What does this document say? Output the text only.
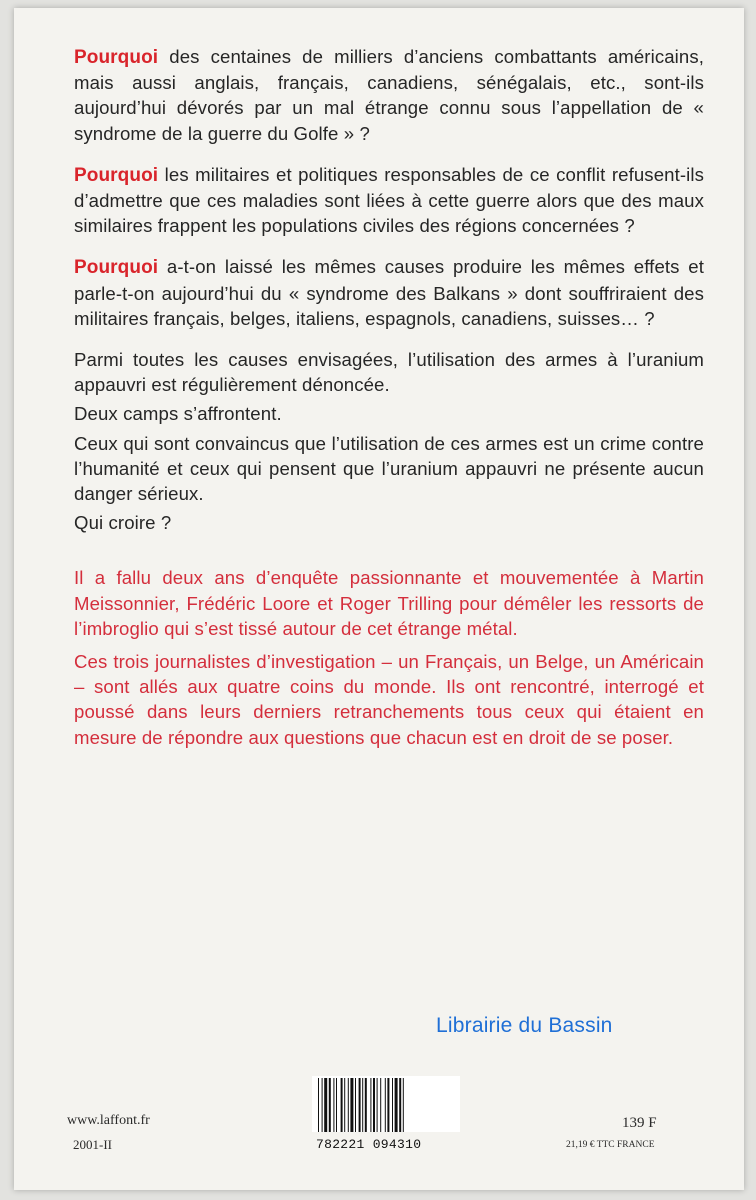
Pourquoi des centaines de milliers d’anciens combattants américains, mais aussi anglais, français, canadiens, sénégalais, etc., sont-ils aujourd’hui dévorés par un mal étrange connu sous l’appellation de « syndrome de la guerre du Golfe » ?

Pourquoi les militaires et politiques responsables de ce conflit refusent-ils d’admettre que ces maladies sont liées à cette guerre alors que des maux similaires frappent les populations civiles des régions concernées ?

Pourquoi a-t-on laissé les mêmes causes produire les mêmes effets et parle-t-on aujourd’hui du « syndrome des Balkans » dont souffriraient des militaires français, belges, italiens, espagnols, canadiens, suisses… ?

Parmi toutes les causes envisagées, l’utilisation des armes à l’uranium appauvri est régulièrement dénoncée.

Deux camps s’affrontent.

Ceux qui sont convaincus que l’utilisation de ces armes est un crime contre l’humanité et ceux qui pensent que l’uranium appauvri ne présente aucun danger sérieux.

Qui croire ?

Il a fallu deux ans d’enquête passionnante et mouvementée à Martin Meissonnier, Frédéric Loore et Roger Trilling pour démêler les ressorts de l’imbroglio qui s’est tissé autour de cet étrange métal.

Ces trois journalistes d’investigation – un Français, un Belge, un Américain – sont allés aux quatre coins du monde. Ils ont rencontré, interrogé et poussé dans leurs derniers retranchements tous ceux qui étaient en mesure de répondre aux questions que chacun est en droit de se poser.

Librairie du Bassin
www.laffont.fr
2001-II	782221 094310
139 F
21,19 € TTC FRANCE
